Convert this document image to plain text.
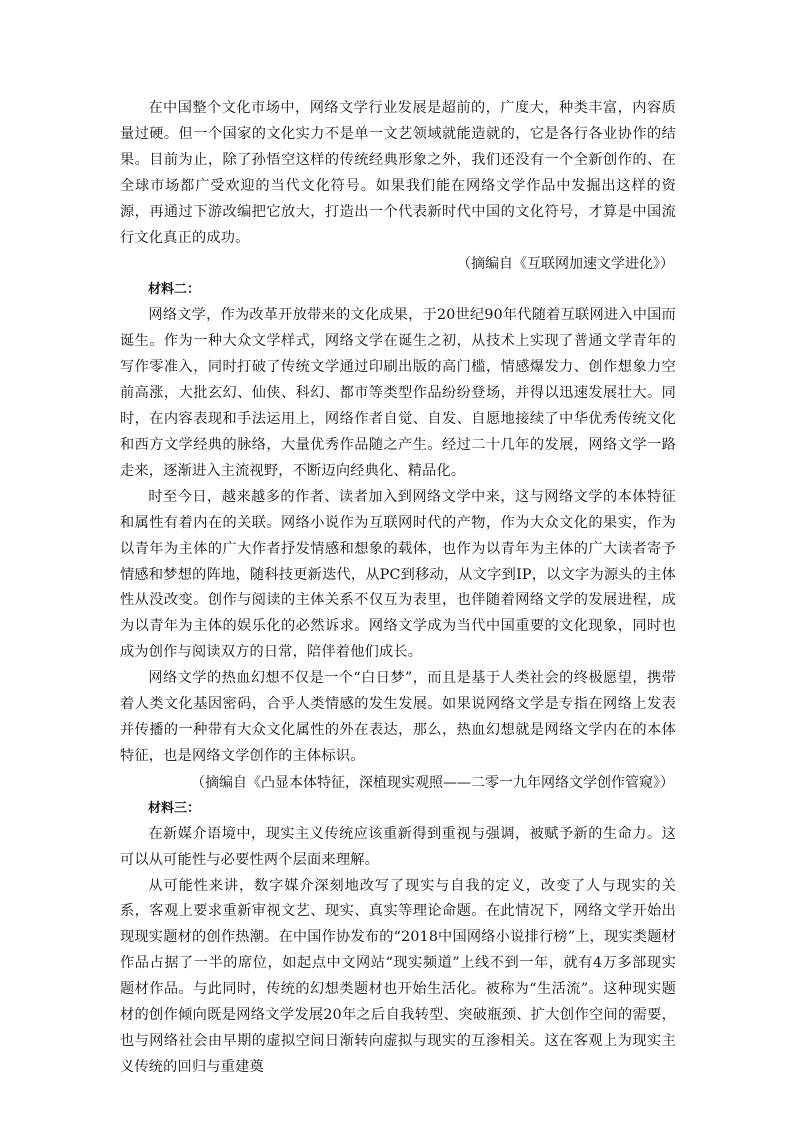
在中国整个文化市场中，网络文学行业发展是超前的，广度大，种类丰富，内容质量过硬。但一个国家的文化实力不是单一文艺领域就能造就的，它是各行各业协作的结果。目前为止，除了孙悟空这样的传统经典形象之外，我们还没有一个全新创作的、在全球市场都广受欢迎的当代文化符号。如果我们能在网络文学作品中发掘出这样的资源，再通过下游改编把它放大，打造出一个代表新时代中国的文化符号，才算是中国流行文化真正的成功。

（摘编自《互联网加速文学进化》）

材料二：

网络文学，作为改革开放带来的文化成果，于20世纪90年代随着互联网进入中国而诞生。作为一种大众文学样式，网络文学在诞生之初，从技术上实现了普通文学青年的写作零准入，同时打破了传统文学通过印刷出版的高门槛，情感爆发力、创作想象力空前高涨，大批玄幻、仙侠、科幻、都市等类型作品纷纷登场，并得以迅速发展壮大。同时，在内容表现和手法运用上，网络作者自觉、自发、自愿地接续了中华优秀传统文化和西方文学经典的脉络，大量优秀作品随之产生。经过二十几年的发展，网络文学一路走来，逐渐进入主流视野，不断迈向经典化、精品化。

时至今日，越来越多的作者、读者加入到网络文学中来，这与网络文学的本体特征和属性有着内在的关联。网络小说作为互联网时代的产物，作为大众文化的果实，作为以青年为主体的广大作者抒发情感和想象的载体，也作为以青年为主体的广大读者寄予情感和梦想的阵地，随科技更新迭代，从PC到移动，从文字到IP，以文字为源头的主体性从没改变。创作与阅读的主体关系不仅互为表里，也伴随着网络文学的发展进程，成为以青年为主体的娱乐化的必然诉求。网络文学成为当代中国重要的文化现象，同时也成为创作与阅读双方的日常，陪伴着他们成长。

网络文学的热血幻想不仅是一个“白日梦”，而且是基于人类社会的终极愿望，携带着人类文化基因密码，合乎人类情感的发生发展。如果说网络文学是专指在网络上发表并传播的一种带有大众文化属性的外在表达，那么，热血幻想就是网络文学内在的本体特征，也是网络文学创作的主体标识。

（摘编自《凸显本体特征，深植现实观照——二零一九年网络文学创作管窥》）

材料三：

在新媒介语境中，现实主义传统应该重新得到重视与强调，被赋予新的生命力。这可以从可能性与必要性两个层面来理解。

从可能性来讲，数字媒介深刻地改写了现实与自我的定义，改变了人与现实的关系，客观上要求重新审视文艺、现实、真实等理论命题。在此情况下，网络文学开始出现现实题材的创作热潮。在中国作协发布的“2018中国网络小说排行榜”上，现实类题材作品占据了一半的席位，如起点中文网站“现实频道”上线不到一年，就有4万多部现实题材作品。与此同时，传统的幻想类题材也开始生活化。被称为“生活流”。这种现实题材的创作倾向既是网络文学发展20年之后自我转型、突破瓶颈、扩大创作空间的需要，也与网络社会由早期的虚拟空间日渐转向虚拟与现实的互渗相关。这在客观上为现实主义传统的回归与重建奠
